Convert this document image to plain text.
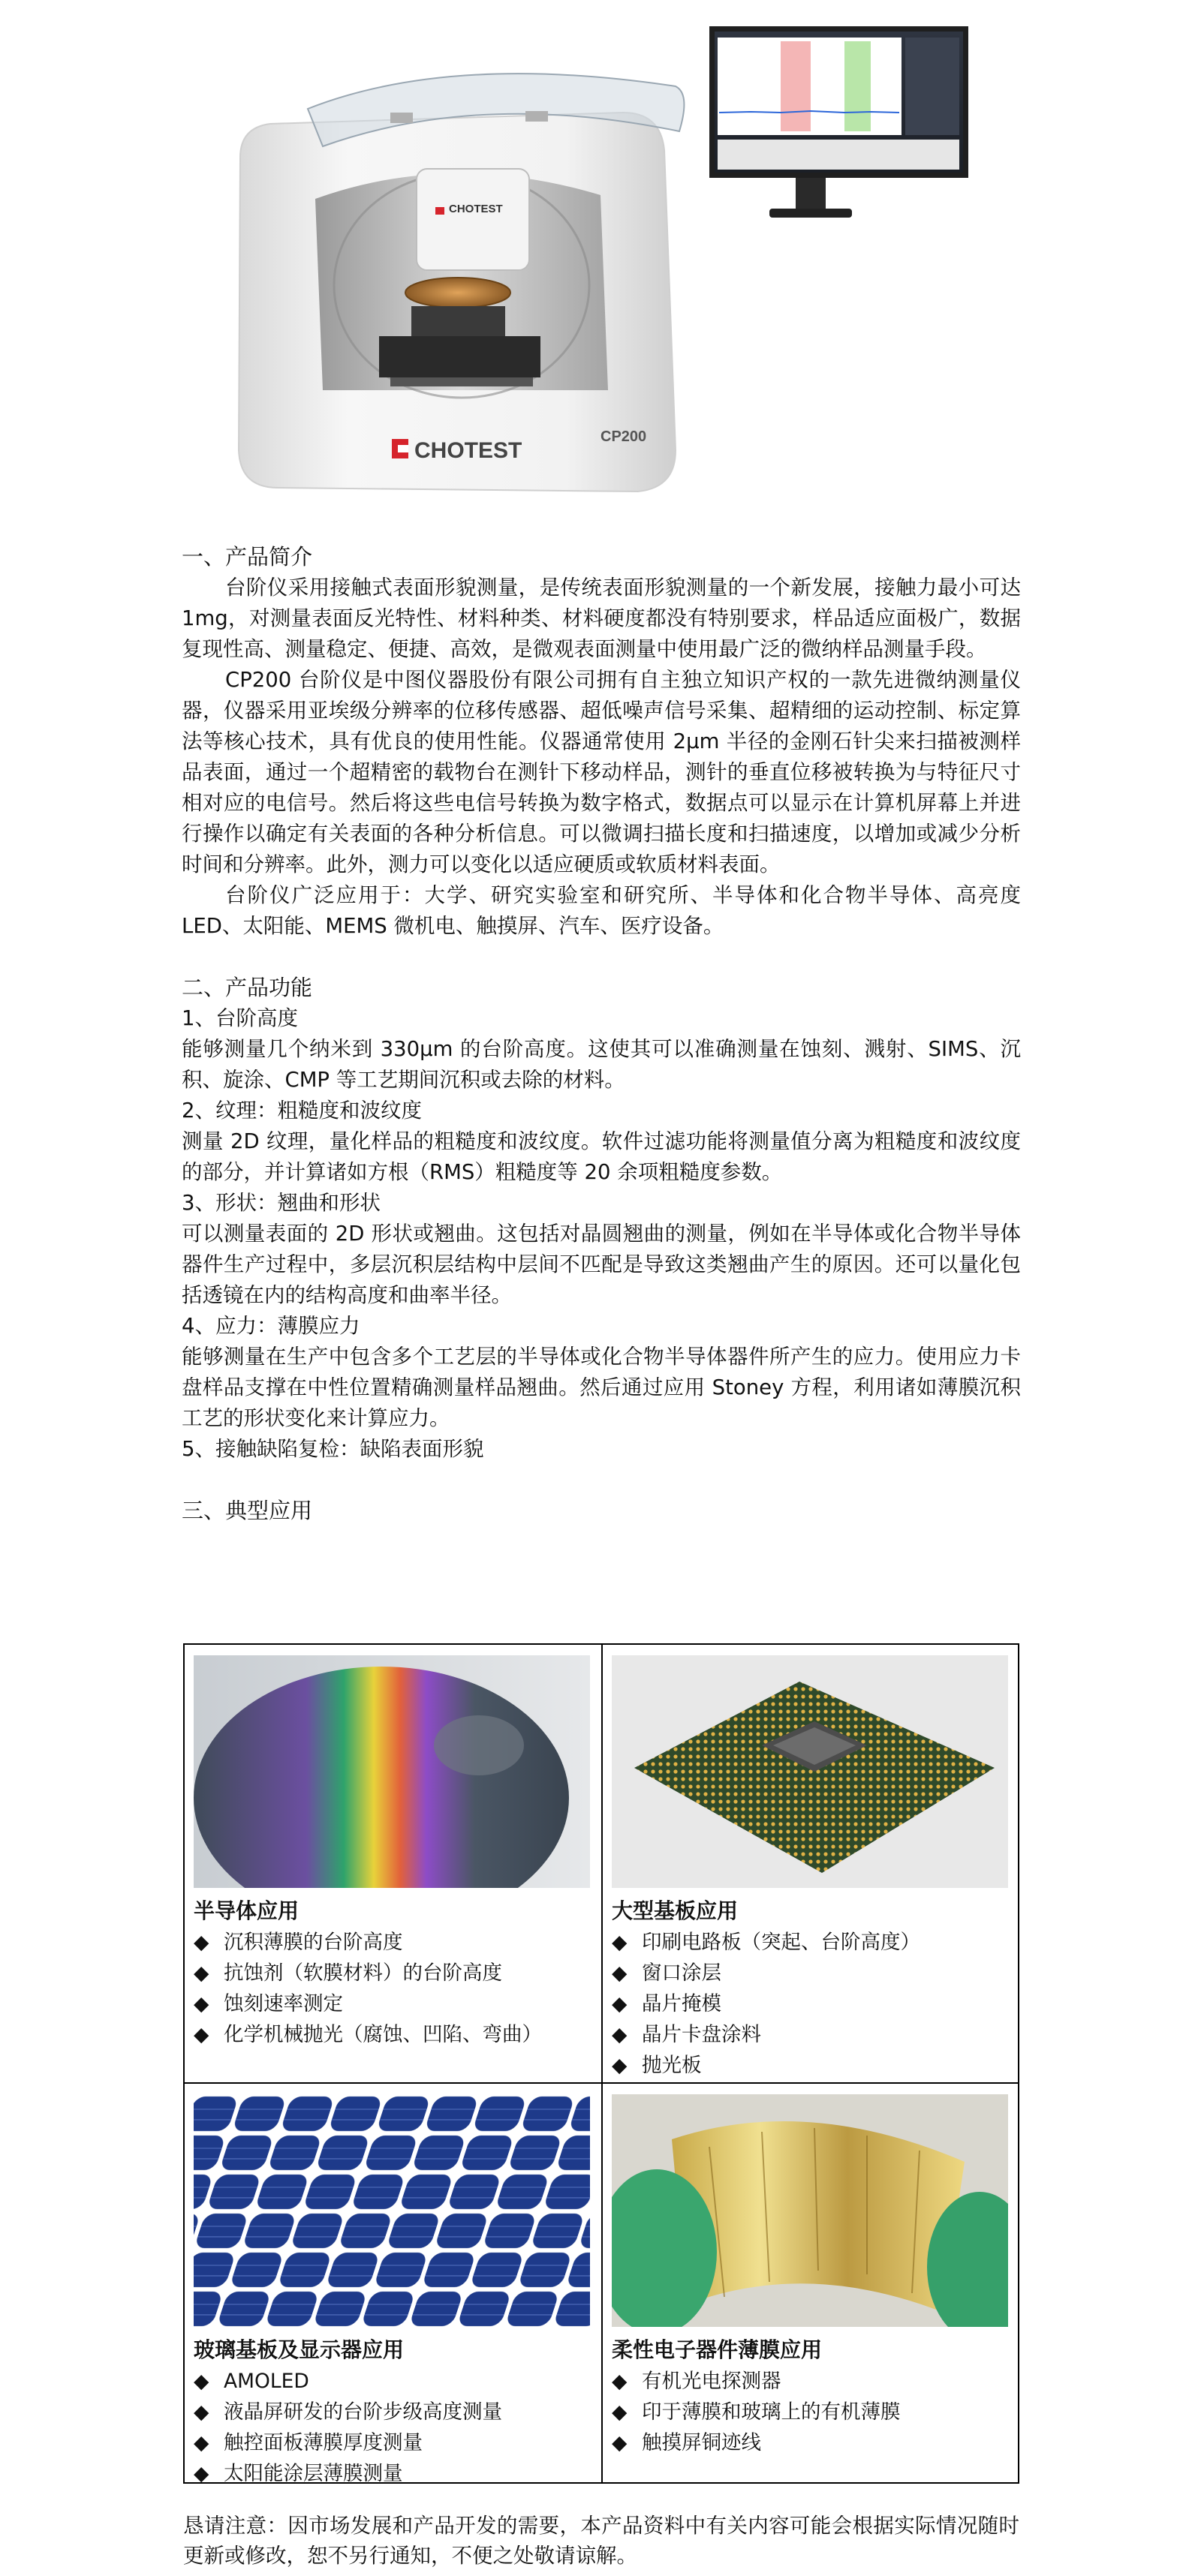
CHOTEST
CHOTEST
CP200
一、产品简介

台阶仪采用接触式表面形貌测量，是传统表面形貌测量的一个新发展，接触力最小可达 1mg，对测量表面反光特性、材料种类、材料硬度都没有特别要求，样品适应面极广，数据复现性高、测量稳定、便捷、高效，是微观表面测量中使用最广泛的微纳样品测量手段。

CP200 台阶仪是中图仪器股份有限公司拥有自主独立知识产权的一款先进微纳测量仪器，仪器采用亚埃级分辨率的位移传感器、超低噪声信号采集、超精细的运动控制、标定算法等核心技术，具有优良的使用性能。仪器通常使用 2μm 半径的金刚石针尖来扫描被测样品表面，通过一个超精密的载物台在测针下移动样品，测针的垂直位移被转换为与特征尺寸相对应的电信号。然后将这些电信号转换为数字格式，数据点可以显示在计算机屏幕上并进行操作以确定有关表面的各种分析信息。可以微调扫描长度和扫描速度，以增加或减少分析时间和分辨率。此外，测力可以变化以适应硬质或软质材料表面。

台阶仪广泛应用于：大学、研究实验室和研究所、半导体和化合物半导体、高亮度 LED、太阳能、MEMS 微机电、触摸屏、汽车、医疗设备。

二、产品功能

1、台阶高度

能够测量几个纳米到 330μm 的台阶高度。这使其可以准确测量在蚀刻、溅射、SIMS、沉积、旋涂、CMP 等工艺期间沉积或去除的材料。

2、纹理：粗糙度和波纹度

测量 2D 纹理，量化样品的粗糙度和波纹度。软件过滤功能将测量值分离为粗糙度和波纹度的部分，并计算诸如方根（RMS）粗糙度等 20 余项粗糙度参数。

3、形状：翘曲和形状

可以测量表面的 2D 形状或翘曲。这包括对晶圆翘曲的测量，例如在半导体或化合物半导体器件生产过程中，多层沉积层结构中层间不匹配是导致这类翘曲产生的原因。还可以量化包括透镜在内的结构高度和曲率半径。

4、应力：薄膜应力

能够测量在生产中包含多个工艺层的半导体或化合物半导体器件所产生的应力。使用应力卡盘样品支撑在中性位置精确测量样品翘曲。然后通过应用 Stoney 方程，利用诸如薄膜沉积工艺的形状变化来计算应力。

5、接触缺陷复检：缺陷表面形貌

三、典型应用
半导体应用
◆ 沉积薄膜的台阶高度
◆ 抗蚀剂（软膜材料）的台阶高度
◆ 蚀刻速率测定
◆ 化学机械抛光（腐蚀、凹陷、弯曲）
大型基板应用
◆ 印刷电路板（突起、台阶高度）
◆ 窗口涂层
◆ 晶片掩模
◆ 晶片卡盘涂料
◆ 抛光板
玻璃基板及显示器应用
◆ AMOLED
◆ 液晶屏研发的台阶步级高度测量
◆ 触控面板薄膜厚度测量
◆ 太阳能涂层薄膜测量
柔性电子器件薄膜应用
◆ 有机光电探测器
◆ 印于薄膜和玻璃上的有机薄膜
◆ 触摸屏铜迹线

恳请注意：因市场发展和产品开发的需要，本产品资料中有关内容可能会根据实际情况随时更新或修改，恕不另行通知，不便之处敬请谅解。
